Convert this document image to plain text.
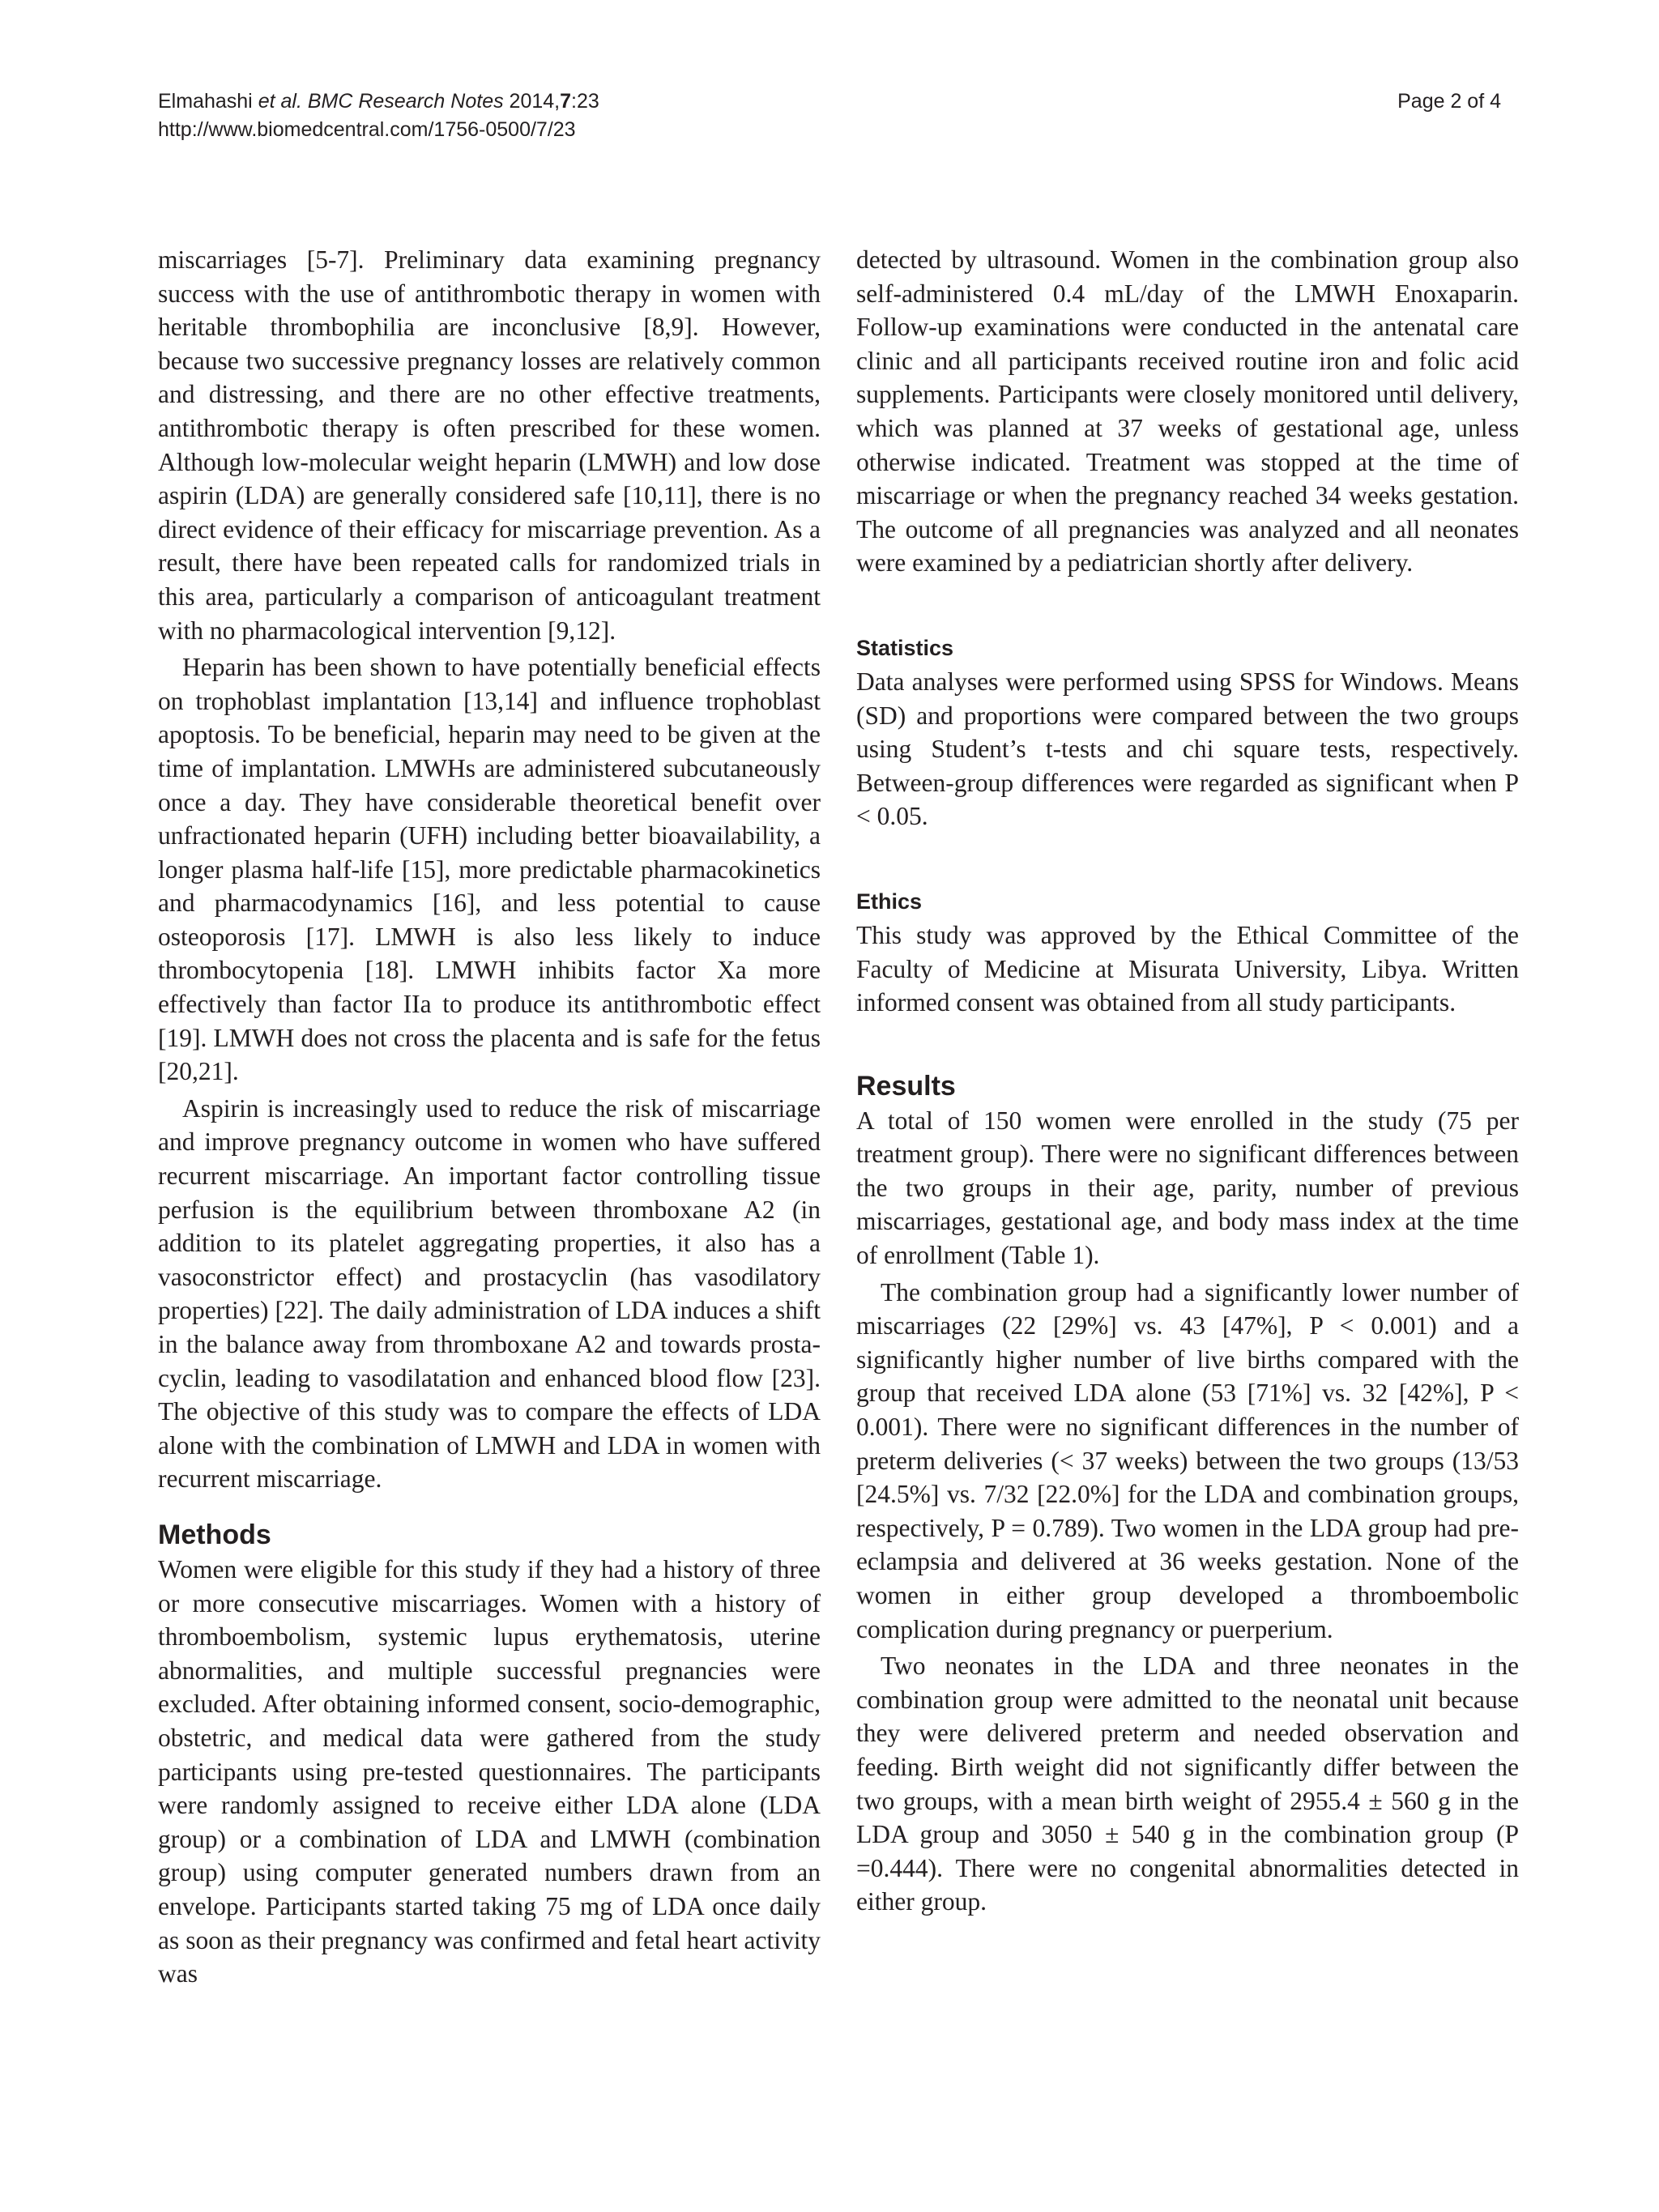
Elmahashi et al. BMC Research Notes 2014,7:23
http://www.biomedcentral.com/1756-0500/7/23
Page 2 of 4

miscarriages [5-7]. Preliminary data examining pregnancy success with the use of antithrombotic therapy in women with heritable thrombophilia are inconclusive [8,9]. However, because two successive pregnancy losses are relatively common and distressing, and there are no other effective treatments, antithrombotic therapy is often prescribed for these women. Although low-molecular weight heparin (LMWH) and low dose aspirin (LDA) are generally considered safe [10,11], there is no direct evidence of their efficacy for miscarriage prevention. As a result, there have been repeated calls for randomized trials in this area, particularly a comparison of anticoagulant treatment with no pharmacological intervention [9,12].

Heparin has been shown to have potentially beneficial effects on trophoblast implantation [13,14] and influence trophoblast apoptosis. To be beneficial, heparin may need to be given at the time of implantation. LMWHs are administered subcutaneously once a day. They have considerable theoretical benefit over unfractionated heparin (UFH) including better bioavailability, a longer plasma half-life [15], more predictable pharmacokinetics and pharmacodynamics [16], and less potential to cause osteoporosis [17]. LMWH is also less likely to induce thrombocytopenia [18]. LMWH inhibits factor Xa more effectively than factor IIa to produce its antithrombotic effect [19]. LMWH does not cross the placenta and is safe for the fetus [20,21].

Aspirin is increasingly used to reduce the risk of miscarriage and improve pregnancy outcome in women who have suffered recurrent miscarriage. An important factor controlling tissue perfusion is the equilibrium between thromboxane A2 (in addition to its platelet aggregating properties, it also has a vasoconstrictor effect) and prostacyclin (has vasodilatory properties) [22]. The daily administration of LDA induces a shift in the balance away from thromboxane A2 and towards prostacyclin, leading to vasodilatation and enhanced blood flow [23]. The objective of this study was to compare the effects of LDA alone with the combination of LMWH and LDA in women with recurrent miscarriage.

Methods

Women were eligible for this study if they had a history of three or more consecutive miscarriages. Women with a history of thromboembolism, systemic lupus erythematosis, uterine abnormalities, and multiple successful pregnancies were excluded. After obtaining informed consent, socio-demographic, obstetric, and medical data were gathered from the study participants using pre-tested questionnaires. The participants were randomly assigned to receive either LDA alone (LDA group) or a combination of LDA and LMWH (combination group) using computer generated numbers drawn from an envelope. Participants started taking 75 mg of LDA once daily as soon as their pregnancy was confirmed and fetal heart activity was

detected by ultrasound. Women in the combination group also self-administered 0.4 mL/day of the LMWH Enoxaparin. Follow-up examinations were conducted in the antenatal care clinic and all participants received routine iron and folic acid supplements. Participants were closely monitored until delivery, which was planned at 37 weeks of gestational age, unless otherwise indicated. Treatment was stopped at the time of miscarriage or when the pregnancy reached 34 weeks gestation. The outcome of all pregnancies was analyzed and all neonates were examined by a pediatrician shortly after delivery.

Statistics

Data analyses were performed using SPSS for Windows. Means (SD) and proportions were compared between the two groups using Student’s t-tests and chi square tests, respectively. Between-group differences were regarded as significant when P < 0.05.

Ethics

This study was approved by the Ethical Committee of the Faculty of Medicine at Misurata University, Libya. Written informed consent was obtained from all study participants.

Results

A total of 150 women were enrolled in the study (75 per treatment group). There were no significant differences between the two groups in their age, parity, number of previous miscarriages, gestational age, and body mass index at the time of enrollment (Table 1).

The combination group had a significantly lower number of miscarriages (22 [29%] vs. 43 [47%], P < 0.001) and a significantly higher number of live births compared with the group that received LDA alone (53 [71%] vs. 32 [42%], P < 0.001). There were no significant differences in the number of preterm deliveries (< 37 weeks) between the two groups (13/53 [24.5%] vs. 7/32 [22.0%] for the LDA and combination groups, respectively, P = 0.789). Two women in the LDA group had preeclampsia and delivered at 36 weeks gestation. None of the women in either group developed a thromboembolic complication during pregnancy or puerperium.

Two neonates in the LDA and three neonates in the combination group were admitted to the neonatal unit because they were delivered preterm and needed observation and feeding. Birth weight did not significantly differ between the two groups, with a mean birth weight of 2955.4 ± 560 g in the LDA group and 3050 ± 540 g in the combination group (P =0.444). There were no congenital abnormalities detected in either group.
